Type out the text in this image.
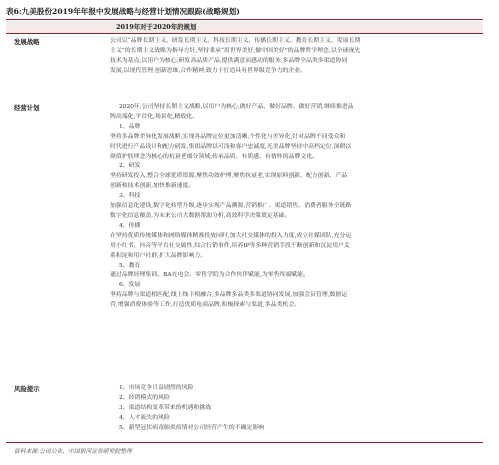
表6:九美股份2019年年报中发展战略与经营计划情况跟踪(战略规划)
2019年对于2020年的规划
发展战略	公司以“品牌长期主义、研发长期主义、科技长期主义、传播长期主义、教育长期主义、发展长期

主义”的长期主义战略为指导方针,坚持秉承“用世界美好,做中国美好”的品牌哲学理念,以全球视先

技术为基点,以用户为核心,研发高品质产品,提供满意而感动的服务,多品牌全品类多渠道协同

发展,以现代管理,创新思维,合作精神,致力于打造具有世界级竞争力的企业。

经营计划	2020年,公司坚持长期主义战略,以用户为核心,做好产品、做好品牌、做好营销,继续推进品

牌高端化,平台化,场景化,精致化。

1、品牌

坚持多品牌差异化发展战略,实现各品牌定位更加清晰,个性化与差异化,针对品牌不同受众和

时代进行产品设计和配方研发,集团品牌以可浅和客户忠诚度,光美品牌坚持中高档定位,深耕以

颜值护肤理念为核心的抗衰老细分领域,传承品质、有质感、有情怀的品牌文化。

2、研发

坚持研发投入,整合全球优质资源,聚焦功效护理,聚焦抗衰老,实现原料创新、配方创新、产品

创新和技术创新,加快推新速度。

3、科技

加强信息化建设,数字化转型升级,逐步实现产品溯源,营销推广、渠道销售、消费者服务全链路

数字化信息覆盖,为未来公司大数据帮助分析,高效科学决策奠定基础。

4、传播

在坚持优质传统媒体和网络媒体精准投放同时,加大社交媒体的投入力度,成立社媒团队,充分运

用小红书、抖音等平台社交属性,综合行销事件,培养IP等多种营销手段不断创新和沉淀用户关

系积淀和用户社群,扩大品牌影响力。

5、教育

通过品牌经理集训、BA充电会、零售学院为合作伙伴赋能,为零售终端赋能。

6、发展

坚持品牌与渠道相匹配,线上线下相融合,多品牌多品类多渠道协同发展,加强会员管理,数据运

营,增强消费体验等工作,打造优质电商品牌,积极探索与渠道,多品类机会。

风险提示	1、市场竞争日益剧烈的风险

2、经销模式的风险

3、渠道结构变革带来的机遇和挑战

4、人才流失的风险

5、新型冠状病毒肺炎疫情对公司经营产生的不确定影响

资料来源:公司公告、中国银河证券研究院整理
